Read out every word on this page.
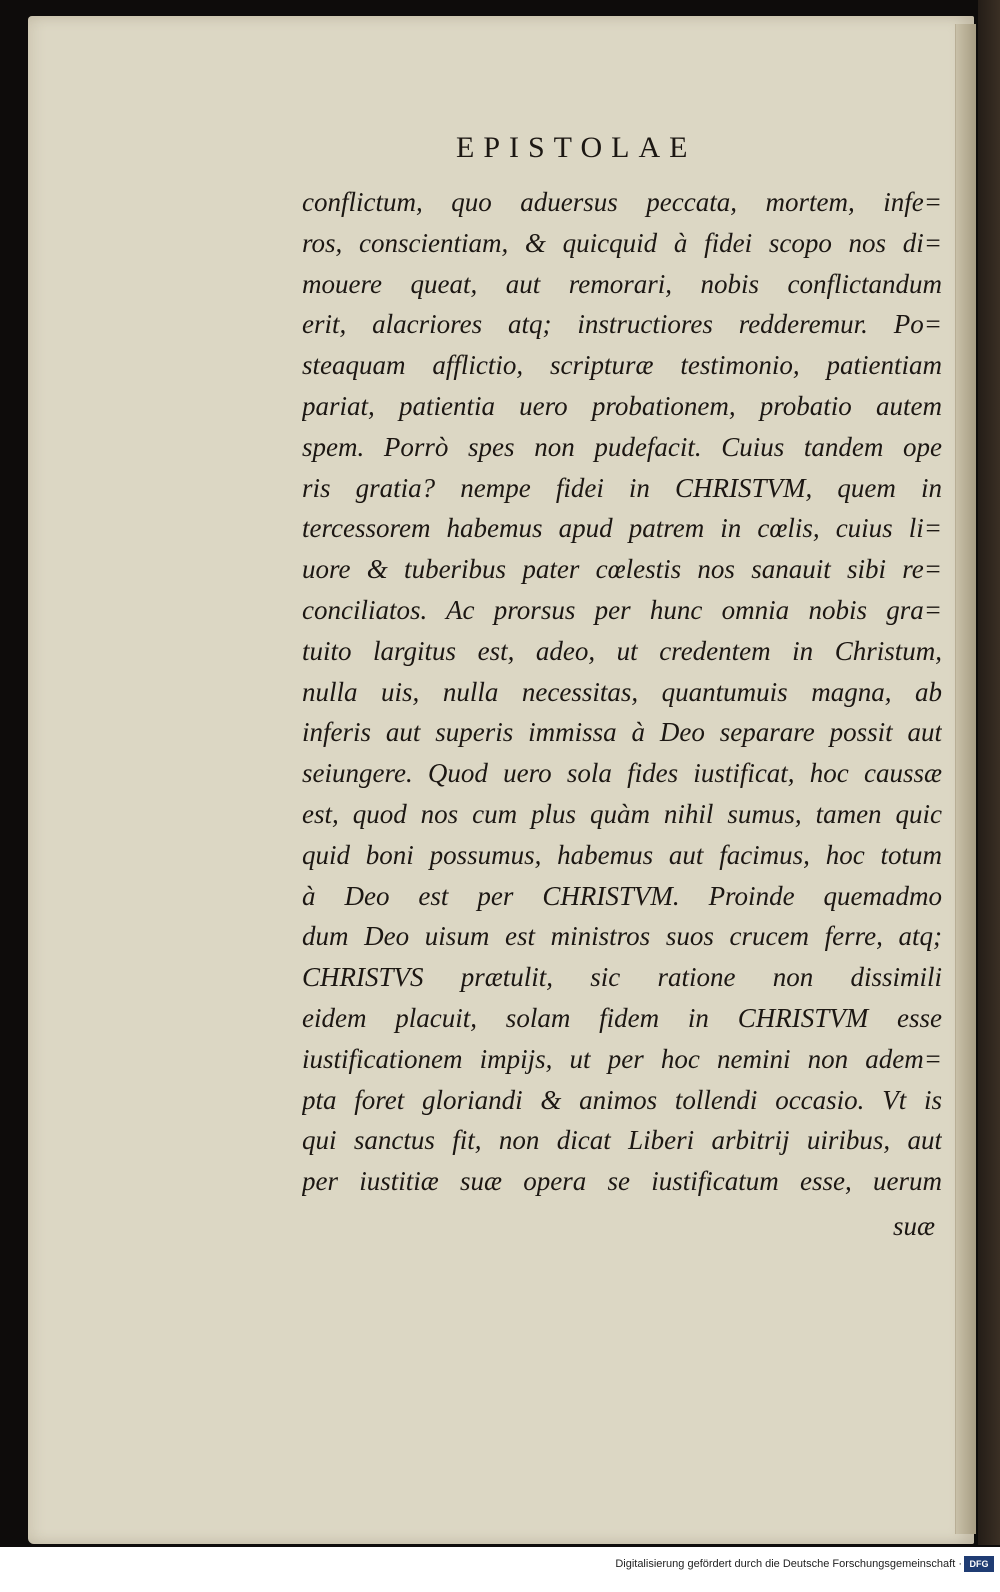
EPISTOLAE
conflictum, quo aduersus peccata, mortem, infe=
ros, conscientiam, & quicquid à fidei scopo nos di=
mouere queat, aut remorari, nobis conflictandum
erit, alacriores atq; instructiores redderemur. Po=
steaquam afflictio, scripturæ testimonio, patientiam
pariat, patientia uero probationem, probatio autem
spem. Porrò spes non pudefacit. Cuius tandem ope
ris gratia? nempe fidei in CHRISTVM, quem in
tercessorem habemus apud patrem in cœlis, cuius li=
uore & tuberibus pater cœlestis nos sanauit sibi re=
conciliatos. Ac prorsus per hunc omnia nobis gra=
tuito largitus est, adeo, ut credentem in Christum,
nulla uis, nulla necessitas, quantumuis magna, ab
inferis aut superis immissa à Deo separare possit aut
seiungere. Quod uero sola fides iustificat, hoc caussæ
est, quod nos cum plus quàm nihil sumus, tamen quic
quid boni possumus, habemus aut facimus, hoc totum
à Deo est per CHRISTVM. Proinde quemadmo
dum Deo uisum est ministros suos crucem ferre, atq;
CHRISTVS prætulit, sic ratione non dissimili
eidem placuit, solam fidem in CHRISTVM esse
iustificationem impijs, ut per hoc nemini non adem=
pta foret gloriandi & animos tollendi occasio. Vt is
qui sanctus fit, non dicat Liberi arbitrij uiribus, aut
per iustitiæ suæ opera se iustificatum esse, uerum
suæ
Digitalisierung gefördert durch die Deutsche Forschungsgemeinschaft · DFG
